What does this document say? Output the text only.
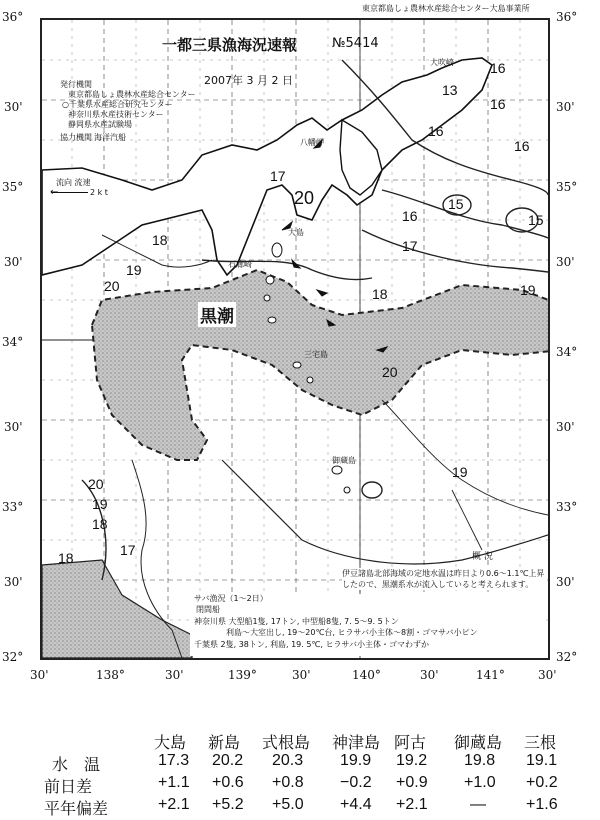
東京都島しょ農林水産総合センター大島事業所
36°
30'
35°
30'
34°
30'
33°
30'
32°
36°
30'
35°
30'
34°
30'
33°
30'
32°
30'	138°	30'	139°	30'	140°	30'	141°	30'
一都三県漁海況速報	№5414
2007年 3 月 2 日
発行機関
東京都島しょ農林水産総合センター
○千葉県水産総合研究センター
神奈川県水産技術センター
静岡県水産試験場
協力機関 海洋汽船
流向 流速
←	2 k t
黒潮
大吹崎
八幡岬
石廊崎
大島
御蔵島
三宅島
16
13
16
16
16
15
15
17
20
16
17
18
19
19
20
20
18
19
20
19
18
17
18	概 況
伊豆諸島北部海域の定地水温は昨日より0.6～1.1℃上昇したので、黒潮系水が流入していると考えられます。
サバ漁況（1～2日）
閉間船
神奈川県 大型船1隻, 17トン, 中型船8隻, 7. 5～9. 5トン
利島～大室出し, 19～20℃台, ヒラサバ小主体～8割・ゴマサバ小ピン
千葉県 2隻, 38トン, 利島, 19. 5℃, ヒラサバ小主体・ゴマわずか
大島 新島 式根島 神津島 阿古 御蔵島 三根
水　温	17.3 20.2 20.3 19.9 19.2 19.8 19.1
前日差	+1.1 +0.6 +0.8 −0.2 +0.9 +1.0 +0.2
平年偏差	+2.1 +5.2 +5.0 +4.4 +2.1	—	+1.6
